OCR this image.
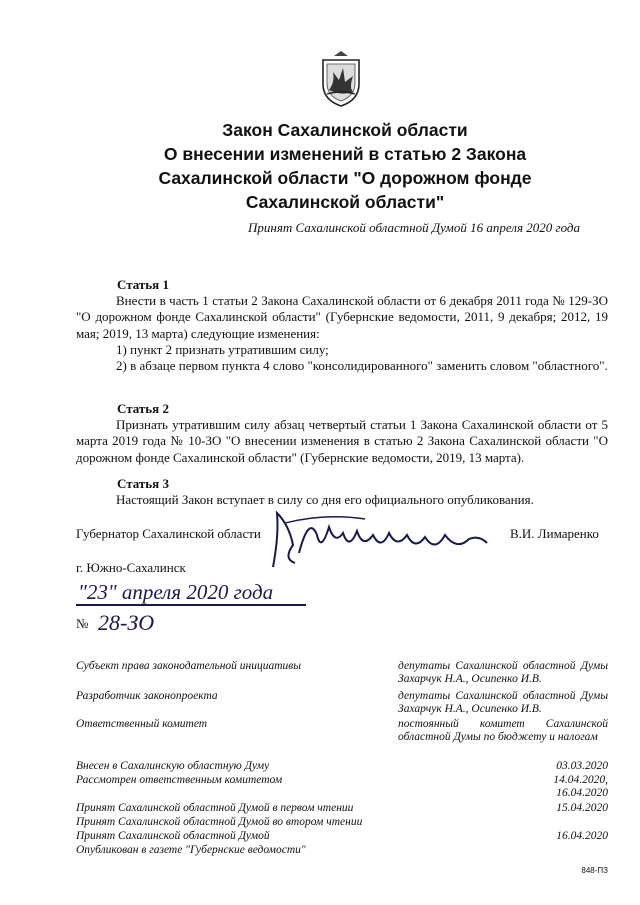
Закон Сахалинской области
О внесении изменений в статью 2 Закона
Сахалинской области "О дорожном фонде
Сахалинской области"
Принят Сахалинской областной Думой 16 апреля 2020 года
Статья 1
Внести в часть 1 статьи 2 Закона Сахалинской области от 6 декабря 2011 года № 129-ЗО "О дорожном фонде Сахалинской области" (Губернские ведомости, 2011, 9 декабря; 2012, 19 мая; 2019, 13 марта) следующие изменения:
1) пункт 2 признать утратившим силу;
2) в абзаце первом пункта 4 слово "консолидированного" заменить словом "областного".
Статья 2
Признать утратившим силу абзац четвертый статьи 1 Закона Сахалинской области от 5 марта 2019 года № 10-ЗО "О внесении изменения в статью 2 Закона Сахалинской области "О дорожном фонде Сахалинской области" (Губернские ведомости, 2019, 13 марта).
Статья 3
Настоящий Закон вступает в силу со дня его официального опубликования.
Губернатор Сахалинской области	В.И. Лимаренко
г. Южно-Сахалинск
"23" апреля 2020 года
№ 28-ЗО
Субъект права законодательной инициативы	депутаты Сахалинской областной Думы Захарчук Н.А., Осипенко И.В.
Разработчик законопроекта	депутаты Сахалинской областной Думы Захарчук Н.А., Осипенко И.В.
Ответственный комитет	постоянный комитет Сахалинской областной Думы по бюджету и налогам
Внесен в Сахалинскую областную Думу	03.03.2020
Рассмотрен ответственным комитетом	14.04.2020,
16.04.2020
Принят Сахалинской областной Думой в первом чтении	15.04.2020
Принят Сахалинской областной Думой во втором чтении
Принят Сахалинской областной Думой	16.04.2020
Опубликован в газете "Губернские ведомости"
848-ПЗ
